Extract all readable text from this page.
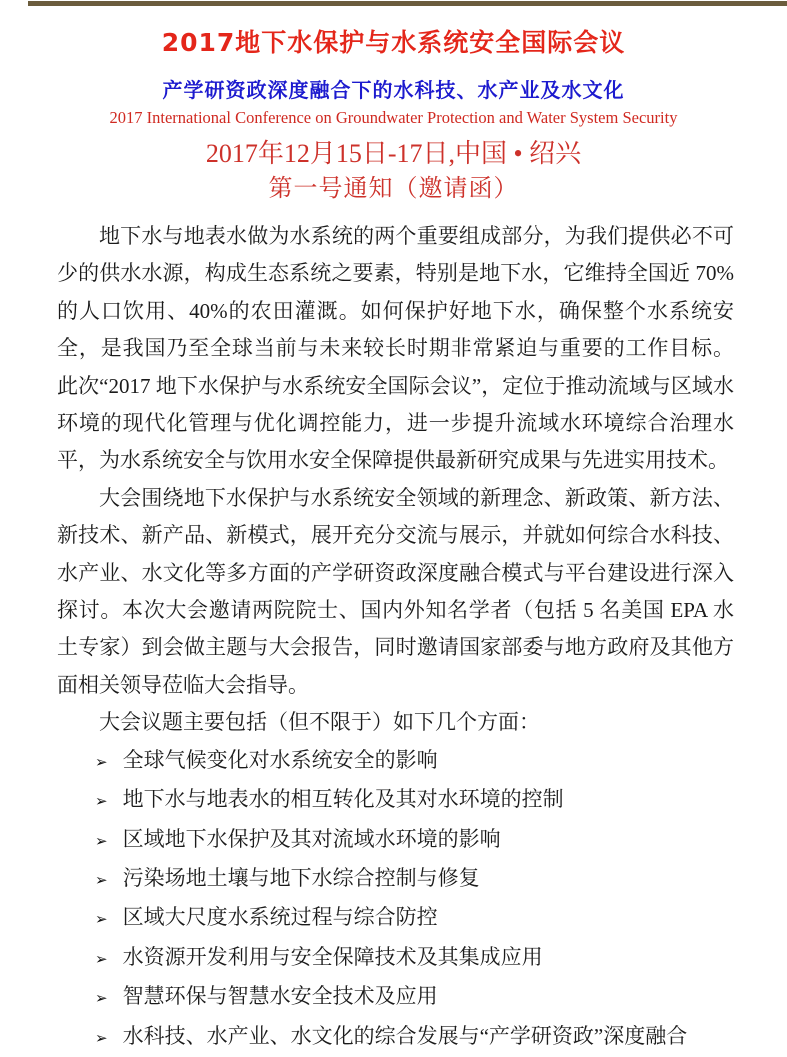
2017地下水保护与水系统安全国际会议
产学研资政深度融合下的水科技、水产业及水文化
2017 International Conference on Groundwater Protection and Water System Security
2017年12月15日-17日,中国 • 绍兴
第一号通知（邀请函）

地下水与地表水做为水系统的两个重要组成部分，为我们提供必不可少的供水水源，构成生态系统之要素，特别是地下水，它维持全国近 70%的人口饮用、40%的农田灌溉。如何保护好地下水，确保整个水系统安全，是我国乃至全球当前与未来较长时期非常紧迫与重要的工作目标。 此次“2017 地下水保护与水系统安全国际会议”，定位于推动流域与区域水环境的现代化管理与优化调控能力，进一步提升流域水环境综合治理水平，为水系统安全与饮用水安全保障提供最新研究成果与先进实用技术。

大会围绕地下水保护与水系统安全领域的新理念、新政策、新方法、新技术、新产品、新模式，展开充分交流与展示，并就如何综合水科技、水产业、水文化等多方面的产学研资政深度融合模式与平台建设进行深入探讨。本次大会邀请两院院士、国内外知名学者（包括 5 名美国 EPA 水土专家）到会做主题与大会报告，同时邀请国家部委与地方政府及其他方面相关领导莅临大会指导。

大会议题主要包括（但不限于）如下几个方面：

➢ 全球气候变化对水系统安全的影响
➢ 地下水与地表水的相互转化及其对水环境的控制
➢ 区域地下水保护及其对流域水环境的影响
➢ 污染场地土壤与地下水综合控制与修复
➢ 区域大尺度水系统过程与综合防控
➢ 水资源开发利用与安全保障技术及其集成应用
➢ 智慧环保与智慧水安全技术及应用
➢ 水科技、水产业、水文化的综合发展与“产学研资政”深度融合
